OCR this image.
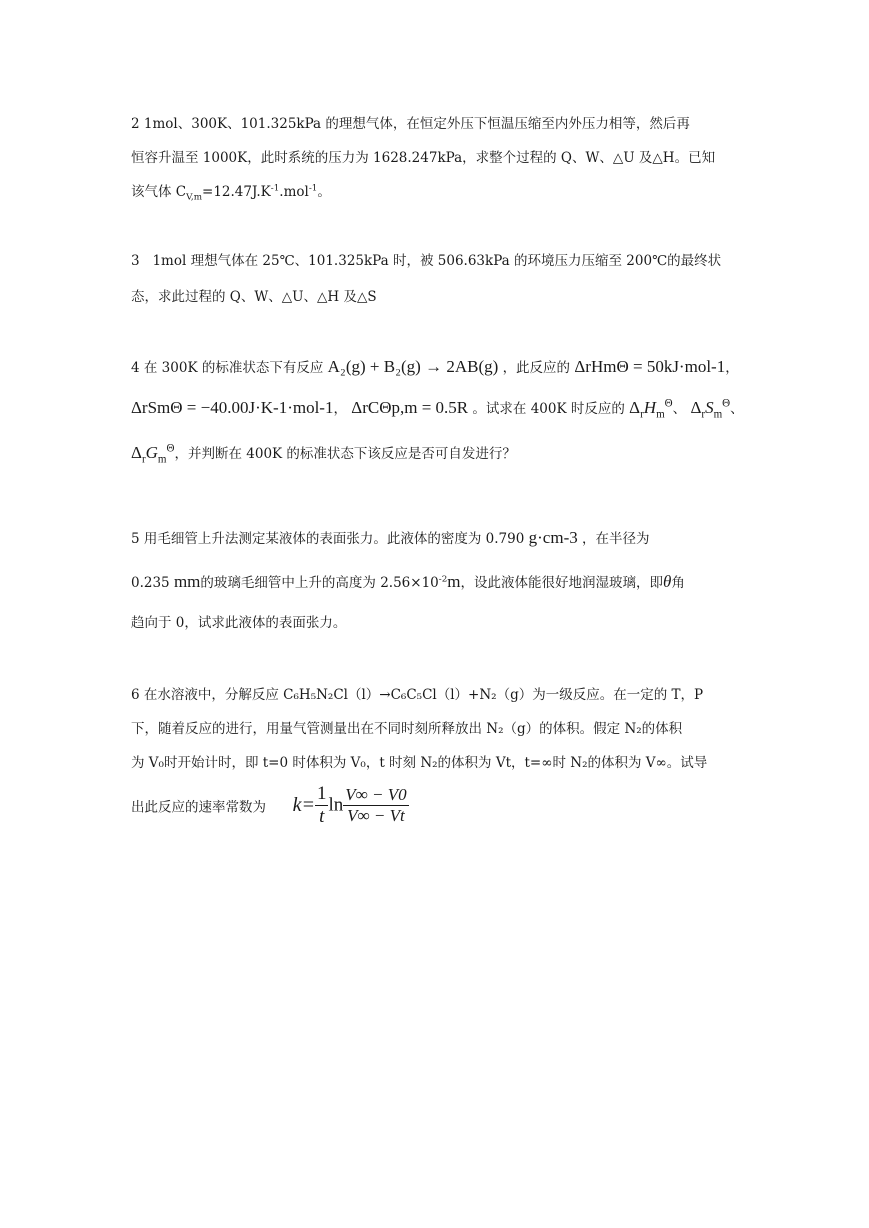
2 1mol、300K、101.325kPa 的理想气体，在恒定外压下恒温压缩至内外压力相等，然后再
恒容升温至 1000K，此时系统的压力为 1628.247kPa，求整个过程的 Q、W、△U 及△H。已知
该气体 $C_{V,m}=12.47J.K^{-1}.mol^{-1}$。
3 1mol 理想气体在 25℃、101.325kPa 时，被 506.63kPa 的环境压力压缩至 200℃的最终状
态，求此过程的 Q、W、△U、△H 及△S
4 在 300K 的标准状态下有反应 A₂(g) + B₂(g) → 2AB(g) ，此反应的 ΔrHmΘ = 50kJ·mol-1，
ΔrSmΘ = −40.00J·K-1·mol-1， ΔrCΘp,m = 0.5R 。试求在 400K 时反应的 $\Delta_rH_m^\Theta$、 $\Delta_rS_m^\Theta$、
$\Delta_rG_m^\Theta$，并判断在 400K 的标准状态下该反应是否可自发进行？
5 用毛细管上升法测定某液体的表面张力。此液体的密度为 0.790 g·cm-3 ，在半径为
0.235 mm的玻璃毛细管中上升的高度为 $2.56\times 10^{-2}m$，设此液体能很好地润湿玻璃，即θ角
趋向于 0，试求此液体的表面张力。
6 在水溶液中，分解反应 C₆H₅N₂Cl（l）→C₆C₅Cl（l）+N₂（g）为一级反应。在一定的 T，P
下，随着反应的进行，用量气管测量出在不同时刻所释放出 N₂（g）的体积。假定 N₂的体积
为 V₀时开始计时，即 t=0 时体积为 V₀，t 时刻 N₂的体积为 Vt，t=∞时 N₂的体积为 V∞。试导
出此反应的速率常数为 $k= \frac{1}{t}$ $\ln \frac{V\infty - V0}{V\infty - Vt}$
